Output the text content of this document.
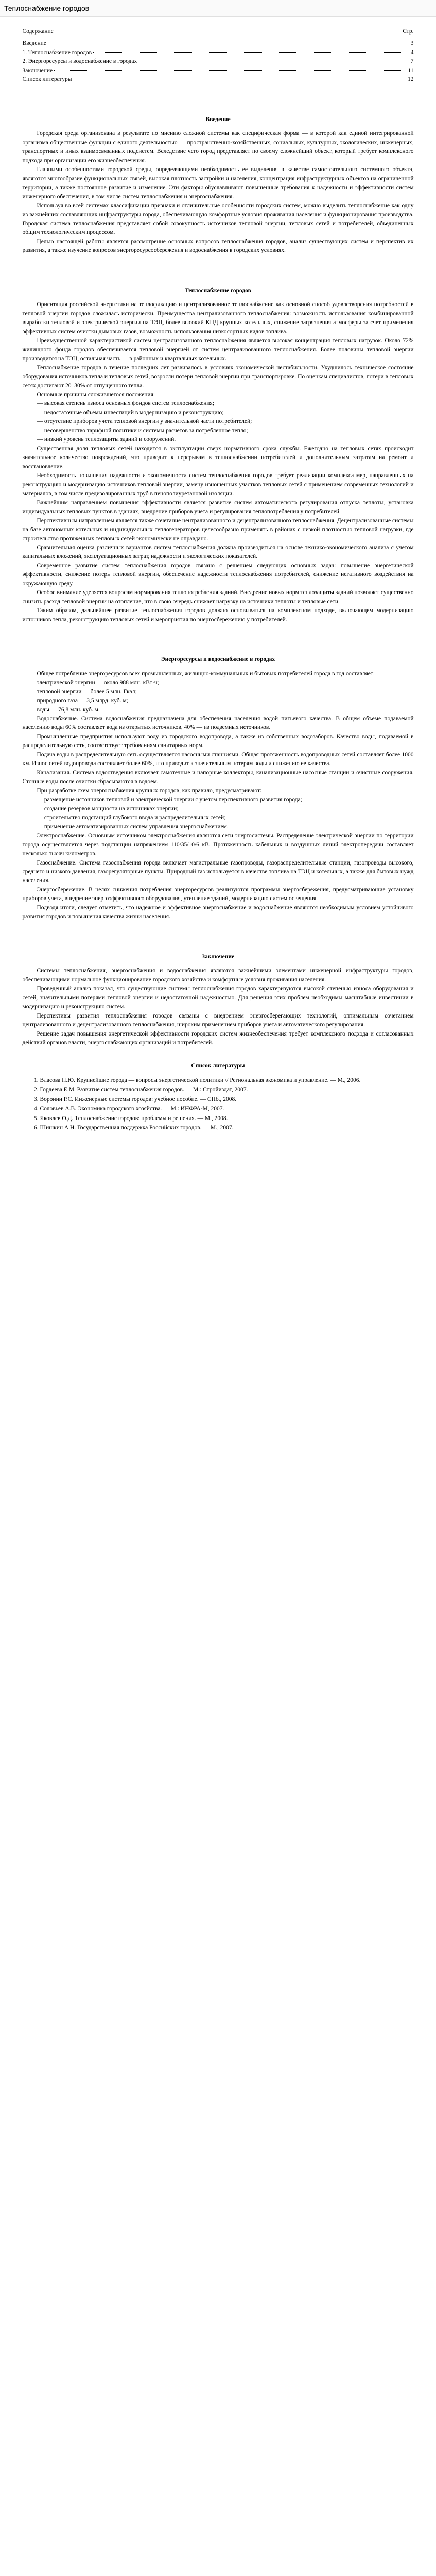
Теплоснабжение городов
Содержание	Стр.
Введение	3
1. Теплоснабжение городов	4
2. Энергоресурсы и водоснабжение в городах	7
Заключение	11
Список литературы	12
Введение

Городская среда организована в результате по мнению сложной системы как специфическая форма — в которой как единой интегрированной организма общественные функции с единого деятельностью — пространственно-хозяйственных, социальных, культурных, экологических, инженерных, транспортных и иных взаимосвязанных подсистем. Вследствие чего город представляет по своему сложнейший объект, который требует комплексного подхода при организации его жизнеобеспечения.

Главными особенностями городской среды, определяющими необходимость ее выделения в качестве самостоятельного системного объекта, являются многообразие функциональных связей, высокая плотность застройки и населения, концентрация инфраструктурных объектов на ограниченной территории, а также постоянное развитие и изменение. Эти факторы обуславливают повышенные требования к надежности и эффективности систем инженерного обеспечения, в том числе систем теплоснабжения и энергоснабжения.

Используя во всей системах классификации признаки и отличительные особенности городских систем, можно выделить теплоснабжение как одну из важнейших составляющих инфраструктуры города, обеспечивающую комфортные условия проживания населения и функционирования производства. Городская система теплоснабжения представляет собой совокупность источников тепловой энергии, тепловых сетей и потребителей, объединенных общим технологическим процессом.

Целью настоящей работы является рассмотрение основных вопросов теплоснабжения городов, анализ существующих систем и перспектив их развития, а также изучение вопросов энергоресурсосбережения и водоснабжения в городских условиях.

Теплоснабжение городов

Ориентация российской энергетики на теплофикацию и централизованное теплоснабжение как основной способ удовлетворения потребностей в тепловой энергии городов сложилась исторически. Преимущества централизованного теплоснабжения: возможность использования комбинированной выработки тепловой и электрической энергии на ТЭЦ, более высокий КПД крупных котельных, снижение загрязнения атмосферы за счет применения эффективных систем очистки дымовых газов, возможность использования низкосортных видов топлива.

Преимущественной характеристикой систем централизованного теплоснабжения является высокая концентрация тепловых нагрузок. Около 72% жилищного фонда городов обеспечивается тепловой энергией от систем централизованного теплоснабжения. Более половины тепловой энергии производится на ТЭЦ, остальная часть — в районных и квартальных котельных.

Теплоснабжение городов в течение последних лет развивалось в условиях экономической нестабильности. Ухудшилось техническое состояние оборудования источников тепла и тепловых сетей, возросли потери тепловой энергии при транспортировке. По оценкам специалистов, потери в тепловых сетях достигают 20–30% от отпущенного тепла.

Основные причины сложившегося положения:

— высокая степень износа основных фондов систем теплоснабжения;

— недостаточные объемы инвестиций в модернизацию и реконструкцию;

— отсутствие приборов учета тепловой энергии у значительной части потребителей;

— несовершенство тарифной политики и системы расчетов за потребленное тепло;

— низкий уровень теплозащиты зданий и сооружений.

Существенная доля тепловых сетей находится в эксплуатации сверх нормативного срока службы. Ежегодно на тепловых сетях происходит значительное количество повреждений, что приводит к перерывам в теплоснабжении потребителей и дополнительным затратам на ремонт и восстановление.

Необходимость повышения надежности и экономичности систем теплоснабжения городов требует реализации комплекса мер, направленных на реконструкцию и модернизацию источников тепловой энергии, замену изношенных участков тепловых сетей с применением современных технологий и материалов, в том числе предизолированных труб в пенополиуретановой изоляции.

Важнейшим направлением повышения эффективности является развитие систем автоматического регулирования отпуска теплоты, установка индивидуальных тепловых пунктов в зданиях, внедрение приборов учета и регулирования теплопотребления у потребителей.

Перспективным направлением является также сочетание централизованного и децентрализованного теплоснабжения. Децентрализованные системы на базе автономных котельных и индивидуальных теплогенераторов целесообразно применять в районах с низкой плотностью тепловой нагрузки, где строительство протяженных тепловых сетей экономически не оправдано.

Сравнительная оценка различных вариантов систем теплоснабжения должна производиться на основе технико-экономического анализа с учетом капитальных вложений, эксплуатационных затрат, надежности и экологических показателей.

Современное развитие систем теплоснабжения городов связано с решением следующих основных задач: повышение энергетической эффективности, снижение потерь тепловой энергии, обеспечение надежности теплоснабжения потребителей, снижение негативного воздействия на окружающую среду.

Особое внимание уделяется вопросам нормирования теплопотребления зданий. Внедрение новых норм теплозащиты зданий позволяет существенно снизить расход тепловой энергии на отопление, что в свою очередь снижает нагрузку на источники теплоты и тепловые сети.

Таким образом, дальнейшее развитие теплоснабжения городов должно основываться на комплексном подходе, включающем модернизацию источников тепла, реконструкцию тепловых сетей и мероприятия по энергосбережению у потребителей.

Энергоресурсы и водоснабжение в городах

Общее потребление энергоресурсов всех промышленных, жилищно-коммунальных и бытовых потребителей города в год составляет:

электрической энергии — около 988 млн. кВт·ч;

тепловой энергии — более 5 млн. Гкал;

природного газа — 3,5 млрд. куб. м;

воды — 76,8 млн. куб. м.

Водоснабжение. Система водоснабжения предназначена для обеспечения населения водой питьевого качества. В общем объеме подаваемой населению воды 60% составляет вода из открытых источников, 40% — из подземных источников.

Промышленные предприятия используют воду из городского водопровода, а также из собственных водозаборов. Качество воды, подаваемой в распределительную сеть, соответствует требованиям санитарных норм.

Подача воды в распределительную сеть осуществляется насосными станциями. Общая протяженность водопроводных сетей составляет более 1000 км. Износ сетей водопровода составляет более 60%, что приводит к значительным потерям воды и снижению ее качества.

Канализация. Система водоотведения включает самотечные и напорные коллекторы, канализационные насосные станции и очистные сооружения. Сточные воды после очистки сбрасываются в водоем.

При разработке схем энергоснабжения крупных городов, как правило, предусматривают:

— размещение источников тепловой и электрической энергии с учетом перспективного развития города;

— создание резервов мощности на источниках энергии;

— строительство подстанций глубокого ввода и распределительных сетей;

— применение автоматизированных систем управления энергоснабжением.

Электроснабжение. Основным источником электроснабжения являются сети энергосистемы. Распределение электрической энергии по территории города осуществляется через подстанции напряжением 110/35/10/6 кВ. Протяженность кабельных и воздушных линий электропередачи составляет несколько тысяч километров.

Газоснабжение. Система газоснабжения города включает магистральные газопроводы, газораспределительные станции, газопроводы высокого, среднего и низкого давления, газорегуляторные пункты. Природный газ используется в качестве топлива на ТЭЦ и котельных, а также для бытовых нужд населения.

Энергосбережение. В целях снижения потребления энергоресурсов реализуются программы энергосбережения, предусматривающие установку приборов учета, внедрение энергоэффективного оборудования, утепление зданий, модернизацию систем освещения.

Подводя итоги, следует отметить, что надежное и эффективное энергоснабжение и водоснабжение являются необходимым условием устойчивого развития городов и повышения качества жизни населения.

Заключение

Системы теплоснабжения, энергоснабжения и водоснабжения являются важнейшими элементами инженерной инфраструктуры городов, обеспечивающими нормальное функционирование городского хозяйства и комфортные условия проживания населения.

Проведенный анализ показал, что существующие системы теплоснабжения городов характеризуются высокой степенью износа оборудования и сетей, значительными потерями тепловой энергии и недостаточной надежностью. Для решения этих проблем необходимы масштабные инвестиции в модернизацию и реконструкцию систем.

Перспективы развития теплоснабжения городов связаны с внедрением энергосберегающих технологий, оптимальным сочетанием централизованного и децентрализованного теплоснабжения, широким применением приборов учета и автоматического регулирования.

Решение задач повышения энергетической эффективности городских систем жизнеобеспечения требует комплексного подхода и согласованных действий органов власти, энергоснабжающих организаций и потребителей.

Список литературы
1. Власова Н.Ю. Крупнейшие города — вопросы энергетической политики // Региональная экономика и управление. — М., 2006.
2. Гордеева Е.М. Развитие систем теплоснабжения городов. — М.: Стройиздат, 2007.
3. Воронин Р.С. Инженерные системы городов: учебное пособие. — СПб., 2008.
4. Соловьев А.В. Экономика городского хозяйства. — М.: ИНФРА-М, 2007.
5. Яковлев О.Д. Теплоснабжение городов: проблемы и решения. — М., 2008.
6. Шишкин А.Н. Государственная поддержка Российских городов. — М., 2007.
